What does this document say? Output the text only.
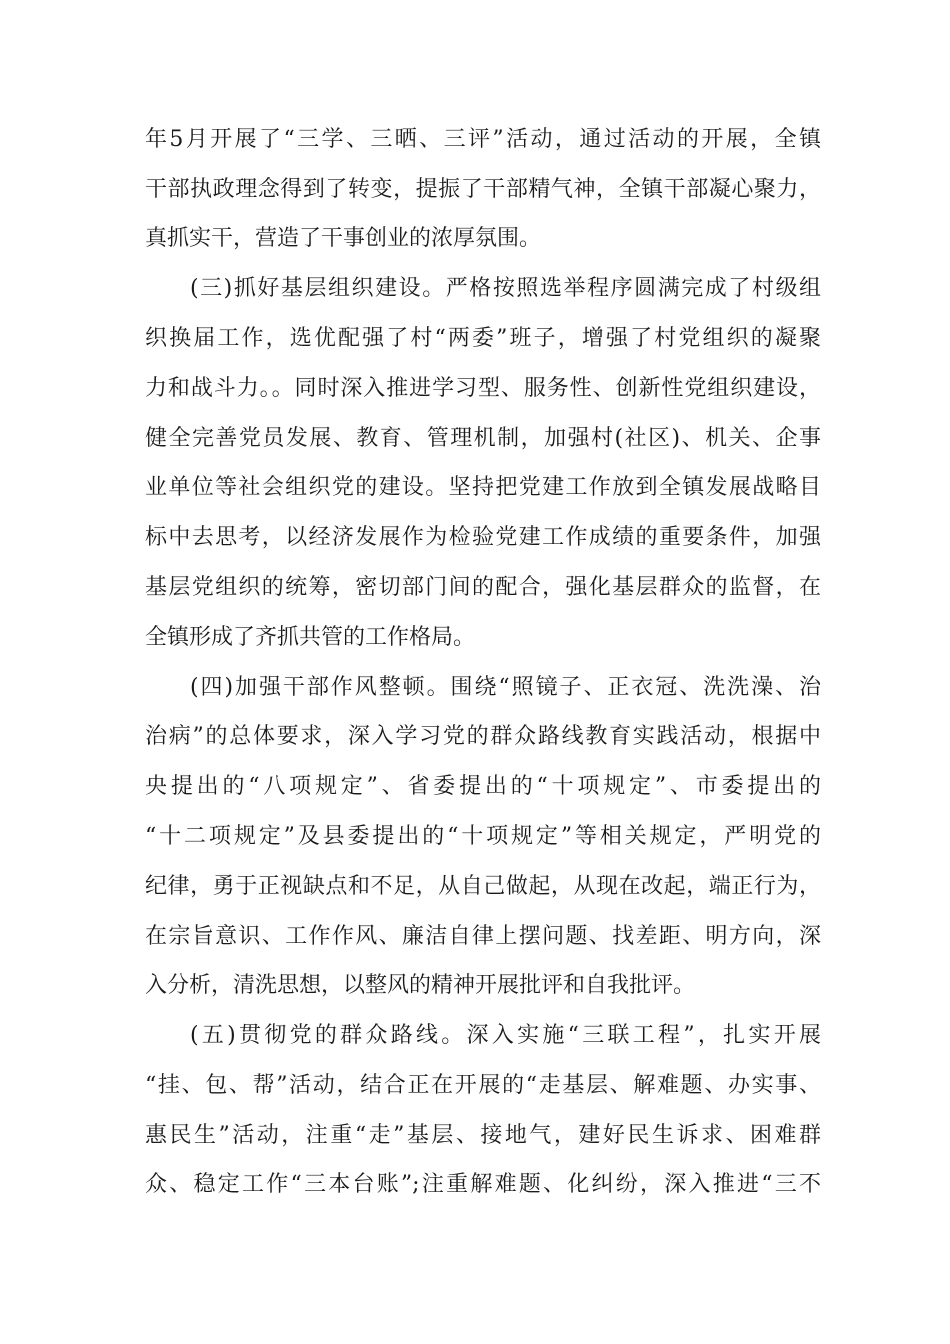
年5月开展了“三学、三晒、三评”活动，通过活动的开展，全镇
干部执政理念得到了转变，提振了干部精气神，全镇干部凝心聚力，
真抓实干，营造了干事创业的浓厚氛围。
(三)抓好基层组织建设。严格按照选举程序圆满完成了村级组
织换届工作，选优配强了村“两委”班子，增强了村党组织的凝聚
力和战斗力。。同时深入推进学习型、服务性、创新性党组织建设，
健全完善党员发展、教育、管理机制，加强村(社区)、机关、企事
业单位等社会组织党的建设。坚持把党建工作放到全镇发展战略目
标中去思考，以经济发展作为检验党建工作成绩的重要条件，加强
基层党组织的统筹，密切部门间的配合，强化基层群众的监督，在
全镇形成了齐抓共管的工作格局。
(四)加强干部作风整顿。围绕“照镜子、正衣冠、洗洗澡、治
治病”的总体要求，深入学习党的群众路线教育实践活动，根据中
央提出的“八项规定”、省委提出的“十项规定”、市委提出的
“十二项规定”及县委提出的“十项规定”等相关规定，严明党的
纪律，勇于正视缺点和不足，从自己做起，从现在改起，端正行为，
在宗旨意识、工作作风、廉洁自律上摆问题、找差距、明方向，深
入分析，清洗思想，以整风的精神开展批评和自我批评。
(五)贯彻党的群众路线。深入实施“三联工程”，扎实开展
“挂、包、帮”活动，结合正在开展的“走基层、解难题、办实事、
惠民生”活动，注重“走”基层、接地气，建好民生诉求、困难群
众、稳定工作“三本台账”;注重解难题、化纠纷，深入推进“三不
